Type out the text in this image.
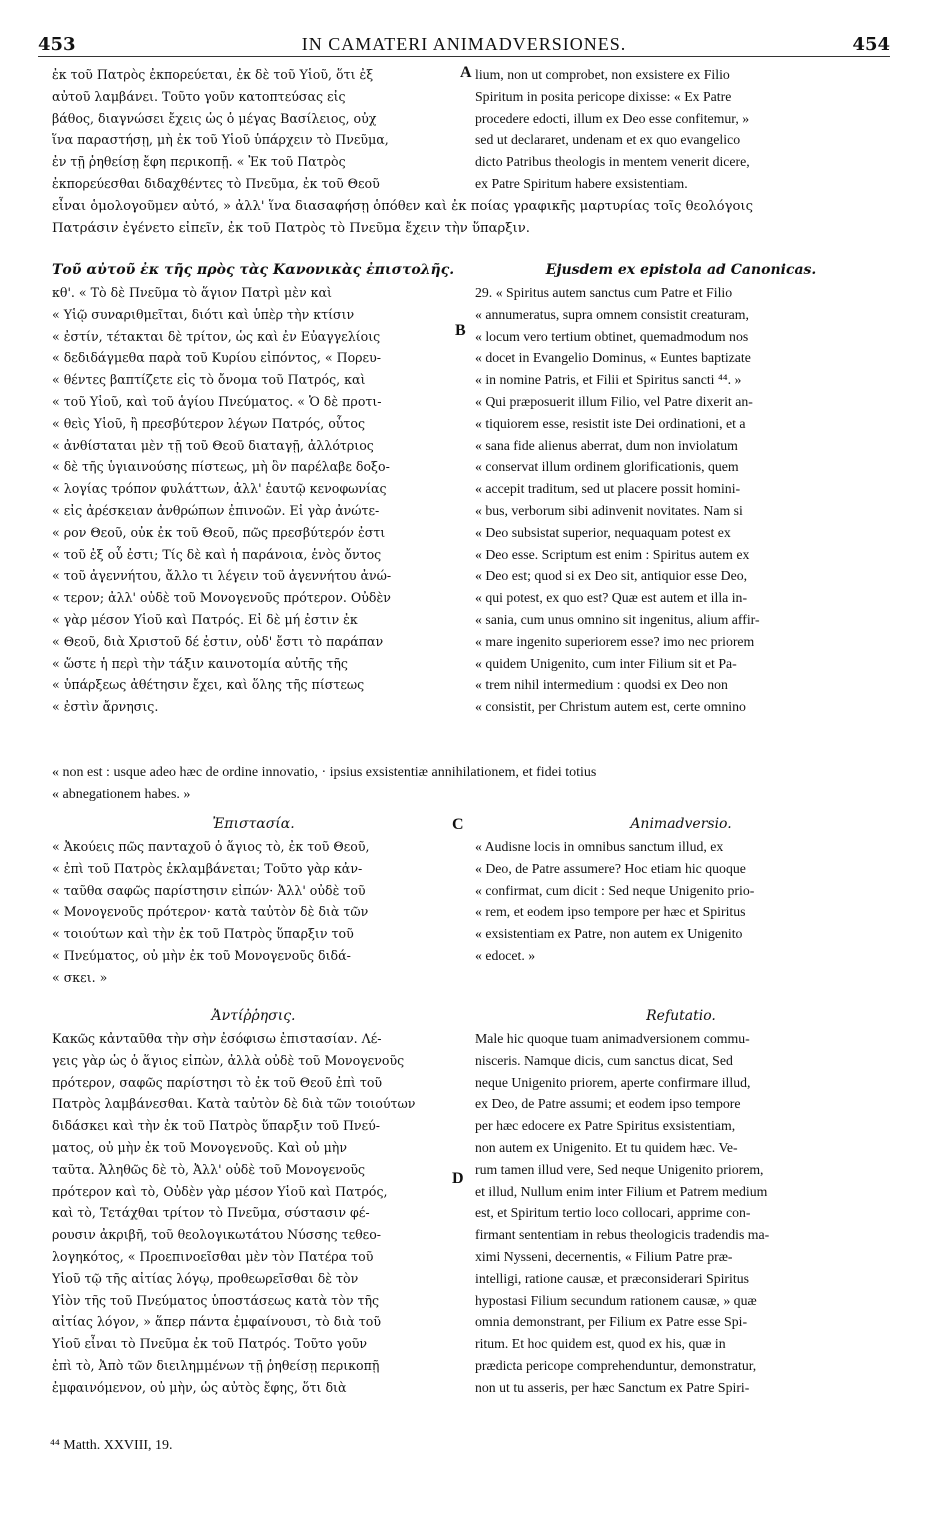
453	IN CAMATERI ANIMADVERSIONES.	454
ἐκ τοῦ Πατρὸς ἐκπορεύεται, ἐκ δὲ τοῦ Υἱοῦ, ὅτι ἐξ
αὐτοῦ λαμβάνει. Τοῦτο γοῦν κατοπτεύσας εἰς
βάθος, διαγνώσει ἔχεις ὡς ὁ μέγας Βασίλειος, οὐχ
ἵνα παραστήσῃ, μὴ ἐκ τοῦ Υἱοῦ ὑπάρχειν τὸ Πνεῦμα,
ἐν τῇ ῥηθείσῃ ἔφη περικοπῇ. « Ἐκ τοῦ Πατρὸς
ἐκπορεύεσθαι διδαχθέντες τὸ Πνεῦμα, ἐκ τοῦ Θεοῦ
lium, non ut comprobet, non exsistere ex Filio
Spiritum in posita pericope dixisse: « Ex Patre
procedere edocti, illum ex Deo esse confitemur, »
sed ut declararet, undenam et ex quo evangelico
dicto Patribus theologis in mentem venerit dicere,
ex Patre Spiritum habere exsistentiam.
A
εἶναι ὁμολογοῦμεν αὐτό, » ἀλλ' ἵνα διασαφήσῃ ὁπόθεν καὶ ἐκ ποίας γραφικῆς μαρτυρίας τοῖς θεολόγοις
Πατράσιν ἐγένετο εἰπεῖν, ἐκ τοῦ Πατρὸς τὸ Πνεῦμα ἔχειν τὴν ὕπαρξιν.
Τοῦ αὐτοῦ ἐκ τῆς πρὸς τὰς Κανονικὰς ἐπιστολῆς.
κθ'. « Τὸ δὲ Πνεῦμα τὸ ἅγιον Πατρὶ μὲν καὶ
« Υἱῷ συναριθμεῖται, διότι καὶ ὑπὲρ τὴν κτίσιν
« ἐστίν, τέτακται δὲ τρίτον, ὡς καὶ ἐν Εὐαγγελίοις
« δεδιδάγμεθα παρὰ τοῦ Κυρίου εἰπόντος, « Πορευ-
« θέντες βαπτίζετε εἰς τὸ ὄνομα τοῦ Πατρός, καὶ
« τοῦ Υἱοῦ, καὶ τοῦ ἁγίου Πνεύματος. « Ὁ δὲ προτι-
« θεὶς Υἱοῦ, ἢ πρεσβύτερον λέγων Πατρός, οὗτος
« ἀνθίσταται μὲν τῇ τοῦ Θεοῦ διαταγῇ, ἀλλότριος
« δὲ τῆς ὑγιαινούσης πίστεως, μὴ ὃν παρέλαβε δοξο-
« λογίας τρόπον φυλάττων, ἀλλ' ἑαυτῷ κενοφωνίας
« εἰς ἀρέσκειαν ἀνθρώπων ἐπινοῶν. Εἰ γὰρ ἀνώτε-
« ρον Θεοῦ, οὐκ ἐκ τοῦ Θεοῦ, πῶς πρεσβύτερόν ἐστι
« τοῦ ἐξ οὗ ἐστι; Τίς δὲ καὶ ἡ παράνοια, ἑνὸς ὄντος
« τοῦ ἀγεννήτου, ἄλλο τι λέγειν τοῦ ἀγεννήτου ἀνώ-
« τερον; ἀλλ' οὐδὲ τοῦ Μονογενοῦς πρότερον. Οὐδὲν
« γὰρ μέσον Υἱοῦ καὶ Πατρός. Εἰ δὲ μή ἐστιν ἐκ
« Θεοῦ, διὰ Χριστοῦ δέ ἐστιν, οὐδ' ἔστι τὸ παράπαν
« ὥστε ἡ περὶ τὴν τάξιν καινοτομία αὐτῆς τῆς
« ὑπάρξεως ἀθέτησιν ἔχει, καὶ ὅλης τῆς πίστεως
« ἐστὶν ἄρνησις.
Ejusdem ex epistola ad Canonicas.
29. « Spiritus autem sanctus cum Patre et Filio
« annumeratus, supra omnem consistit creaturam,
« locum vero tertium obtinet, quemadmodum nos
« docet in Evangelio Dominus, « Euntes baptizate
« in nomine Patris, et Filii et Spiritus sancti ⁴⁴. »
« Qui præposuerit illum Filio, vel Patre dixerit an-
« tiquiorem esse, resistit iste Dei ordinationi, et a
« sana fide alienus aberrat, dum non inviolatum
« conservat illum ordinem glorificationis, quem
« accepit traditum, sed ut placere possit homini-
« bus, verborum sibi adinvenit novitates. Nam si
« Deo subsistat superior, nequaquam potest ex
« Deo esse. Scriptum est enim : Spiritus autem ex
« Deo est; quod si ex Deo sit, antiquior esse Deo,
« qui potest, ex quo est? Quæ est autem et illa in-
« sania, cum unus omnino sit ingenitus, alium affir-
« mare ingenito superiorem esse? imo nec priorem
« quidem Unigenito, cum inter Filium sit et Pa-
« trem nihil intermedium : quodsi ex Deo non
« consistit, per Christum autem est, certe omnino
B
« non est : usque adeo hæc de ordine innovatio, · ipsius exsistentiæ annihilationem, et fidei totius
« abnegationem habes. »
Ἐπιστασία.
« Ἀκούεις πῶς πανταχοῦ ὁ ἅγιος τὸ, ἐκ τοῦ Θεοῦ,
« ἐπὶ τοῦ Πατρὸς ἐκλαμβάνεται; Τοῦτο γὰρ κἀν-
« ταῦθα σαφῶς παρίστησιν εἰπών· Ἀλλ' οὐδὲ τοῦ
« Μονογενοῦς πρότερον· κατὰ ταὐτὸν δὲ διὰ τῶν
« τοιούτων καὶ τὴν ἐκ τοῦ Πατρὸς ὕπαρξιν τοῦ
« Πνεύματος, οὐ μὴν ἐκ τοῦ Μονογενοῦς διδά-
« σκει. »
Animadversio.
« Audisne locis in omnibus sanctum illud, ex
« Deo, de Patre assumere? Hoc etiam hic quoque
« confirmat, cum dicit : Sed neque Unigenito prio-
« rem, et eodem ipso tempore per hæc et Spiritus
« exsistentiam ex Patre, non autem ex Unigenito
« edocet. »
C
Ἀντίῤῥησις.
Κακῶς κἀνταῦθα τὴν σὴν ἐσόφισω ἐπιστασίαν. Λέ-
γεις γὰρ ὡς ὁ ἅγιος εἰπὼν, ἀλλὰ οὐδὲ τοῦ Μονογενοῦς
πρότερον, σαφῶς παρίστησι τὸ ἐκ τοῦ Θεοῦ ἐπὶ τοῦ
Πατρὸς λαμβάνεσθαι. Κατὰ ταὐτὸν δὲ διὰ τῶν τοιούτων
διδάσκει καὶ τὴν ἐκ τοῦ Πατρὸς ὕπαρξιν τοῦ Πνεύ-
ματος, οὐ μὴν ἐκ τοῦ Μονογενοῦς. Καὶ οὐ μὴν
ταῦτα. Ἀληθῶς δὲ τὸ, Ἀλλ' οὐδὲ τοῦ Μονογενοῦς
πρότερον καὶ τὸ, Οὐδὲν γὰρ μέσον Υἱοῦ καὶ Πατρός,
καὶ τὸ, Τετάχθαι τρίτον τὸ Πνεῦμα, σύστασιν φέ-
ρουσιν ἀκριβῆ, τοῦ θεολογικωτάτου Νύσσης τεθεο-
λογηκότος, « Προεπινοεῖσθαι μὲν τὸν Πατέρα τοῦ
Υἱοῦ τῷ τῆς αἰτίας λόγῳ, προθεωρεῖσθαι δὲ τὸν
Υἱὸν τῆς τοῦ Πνεύματος ὑποστάσεως κατὰ τὸν τῆς
αἰτίας λόγον, » ἅπερ πάντα ἐμφαίνουσι, τὸ διὰ τοῦ
Υἱοῦ εἶναι τὸ Πνεῦμα ἐκ τοῦ Πατρός. Τοῦτο γοῦν
ἐπὶ τὸ, Ἀπὸ τῶν διειλημμένων τῇ ῥηθείσῃ περικοπῇ
ἐμφαινόμενον, οὐ μὴν, ὡς αὐτὸς ἔφης, ὅτι διὰ
Refutatio.
Male hic quoque tuam animadversionem commu-
nisceris. Namque dicis, cum sanctus dicat, Sed
neque Unigenito priorem, aperte confirmare illud,
ex Deo, de Patre assumi; et eodem ipso tempore
per hæc edocere ex Patre Spiritus exsistentiam,
non autem ex Unigenito. Et tu quidem hæc. Ve-
rum tamen illud vere, Sed neque Unigenito priorem,
et illud, Nullum enim inter Filium et Patrem medium
est, et Spiritum tertio loco collocari, apprime con-
firmant sententiam in rebus theologicis tradendis ma-
ximi Nysseni, decernentis, « Filium Patre præ-
intelligi, ratione causæ, et præconsiderari Spiritus
hypostasi Filium secundum rationem causæ, » quæ
omnia demonstrant, per Filium ex Patre esse Spi-
ritum. Et hoc quidem est, quod ex his, quæ in
prædicta pericope comprehenduntur, demonstratur,
non ut tu asseris, per hæc Sanctum ex Patre Spiri-
D
⁴⁴ Matth. XXVIII, 19.
